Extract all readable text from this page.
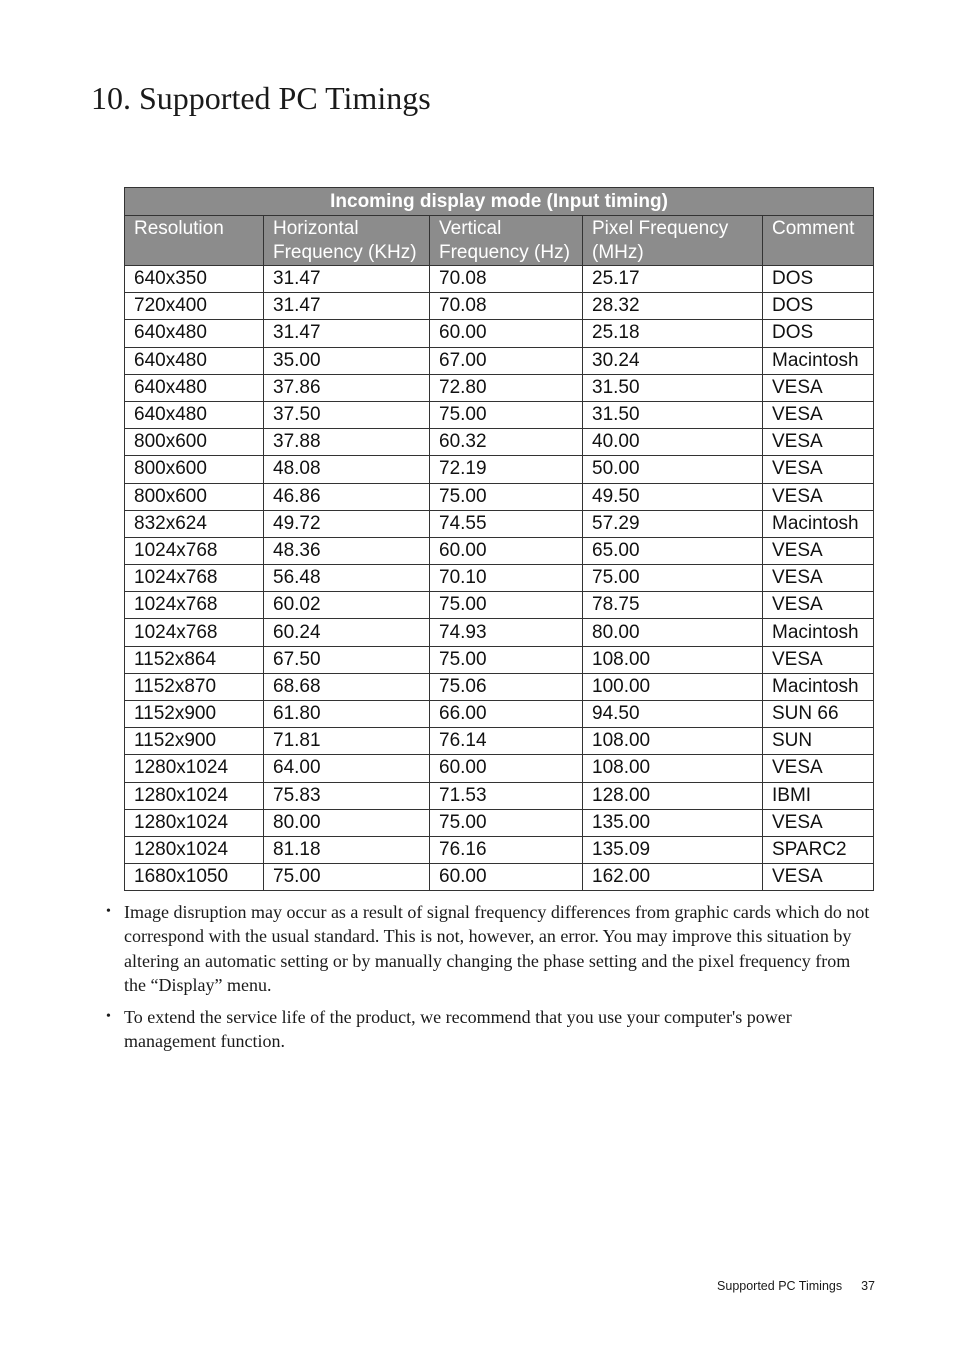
10. Supported PC Timings
Incoming display mode (Input timing)				
Resolution	Horizontal Frequency (KHz)	Vertical Frequency (Hz)	Pixel Frequency (MHz)	Comment
640x350	31.47	70.08	25.17	DOS
720x400	31.47	70.08	28.32	DOS
640x480	31.47	60.00	25.18	DOS
640x480	35.00	67.00	30.24	Macintosh
640x480	37.86	72.80	31.50	VESA
640x480	37.50	75.00	31.50	VESA
800x600	37.88	60.32	40.00	VESA
800x600	48.08	72.19	50.00	VESA
800x600	46.86	75.00	49.50	VESA
832x624	49.72	74.55	57.29	Macintosh
1024x768	48.36	60.00	65.00	VESA
1024x768	56.48	70.10	75.00	VESA
1024x768	60.02	75.00	78.75	VESA
1024x768	60.24	74.93	80.00	Macintosh
1152x864	67.50	75.00	108.00	VESA
1152x870	68.68	75.06	100.00	Macintosh
1152x900	61.80	66.00	94.50	SUN 66
1152x900	71.81	76.14	108.00	SUN
1280x1024	64.00	60.00	108.00	VESA
1280x1024	75.83	71.53	128.00	IBMI
1280x1024	80.00	75.00	135.00	VESA
1280x1024	81.18	76.16	135.09	SPARC2
1680x1050	75.00	60.00	162.00	VESA
• Image disruption may occur as a result of signal frequency differences from graphic cards which do not correspond with the usual standard. This is not, however, an error. You may improve this situation by altering an automatic setting or by manually changing the phase setting and the pixel frequency from the “Display” menu.
• To extend the service life of the product, we recommend that you use your computer's power management function.
Supported PC Timings 37
